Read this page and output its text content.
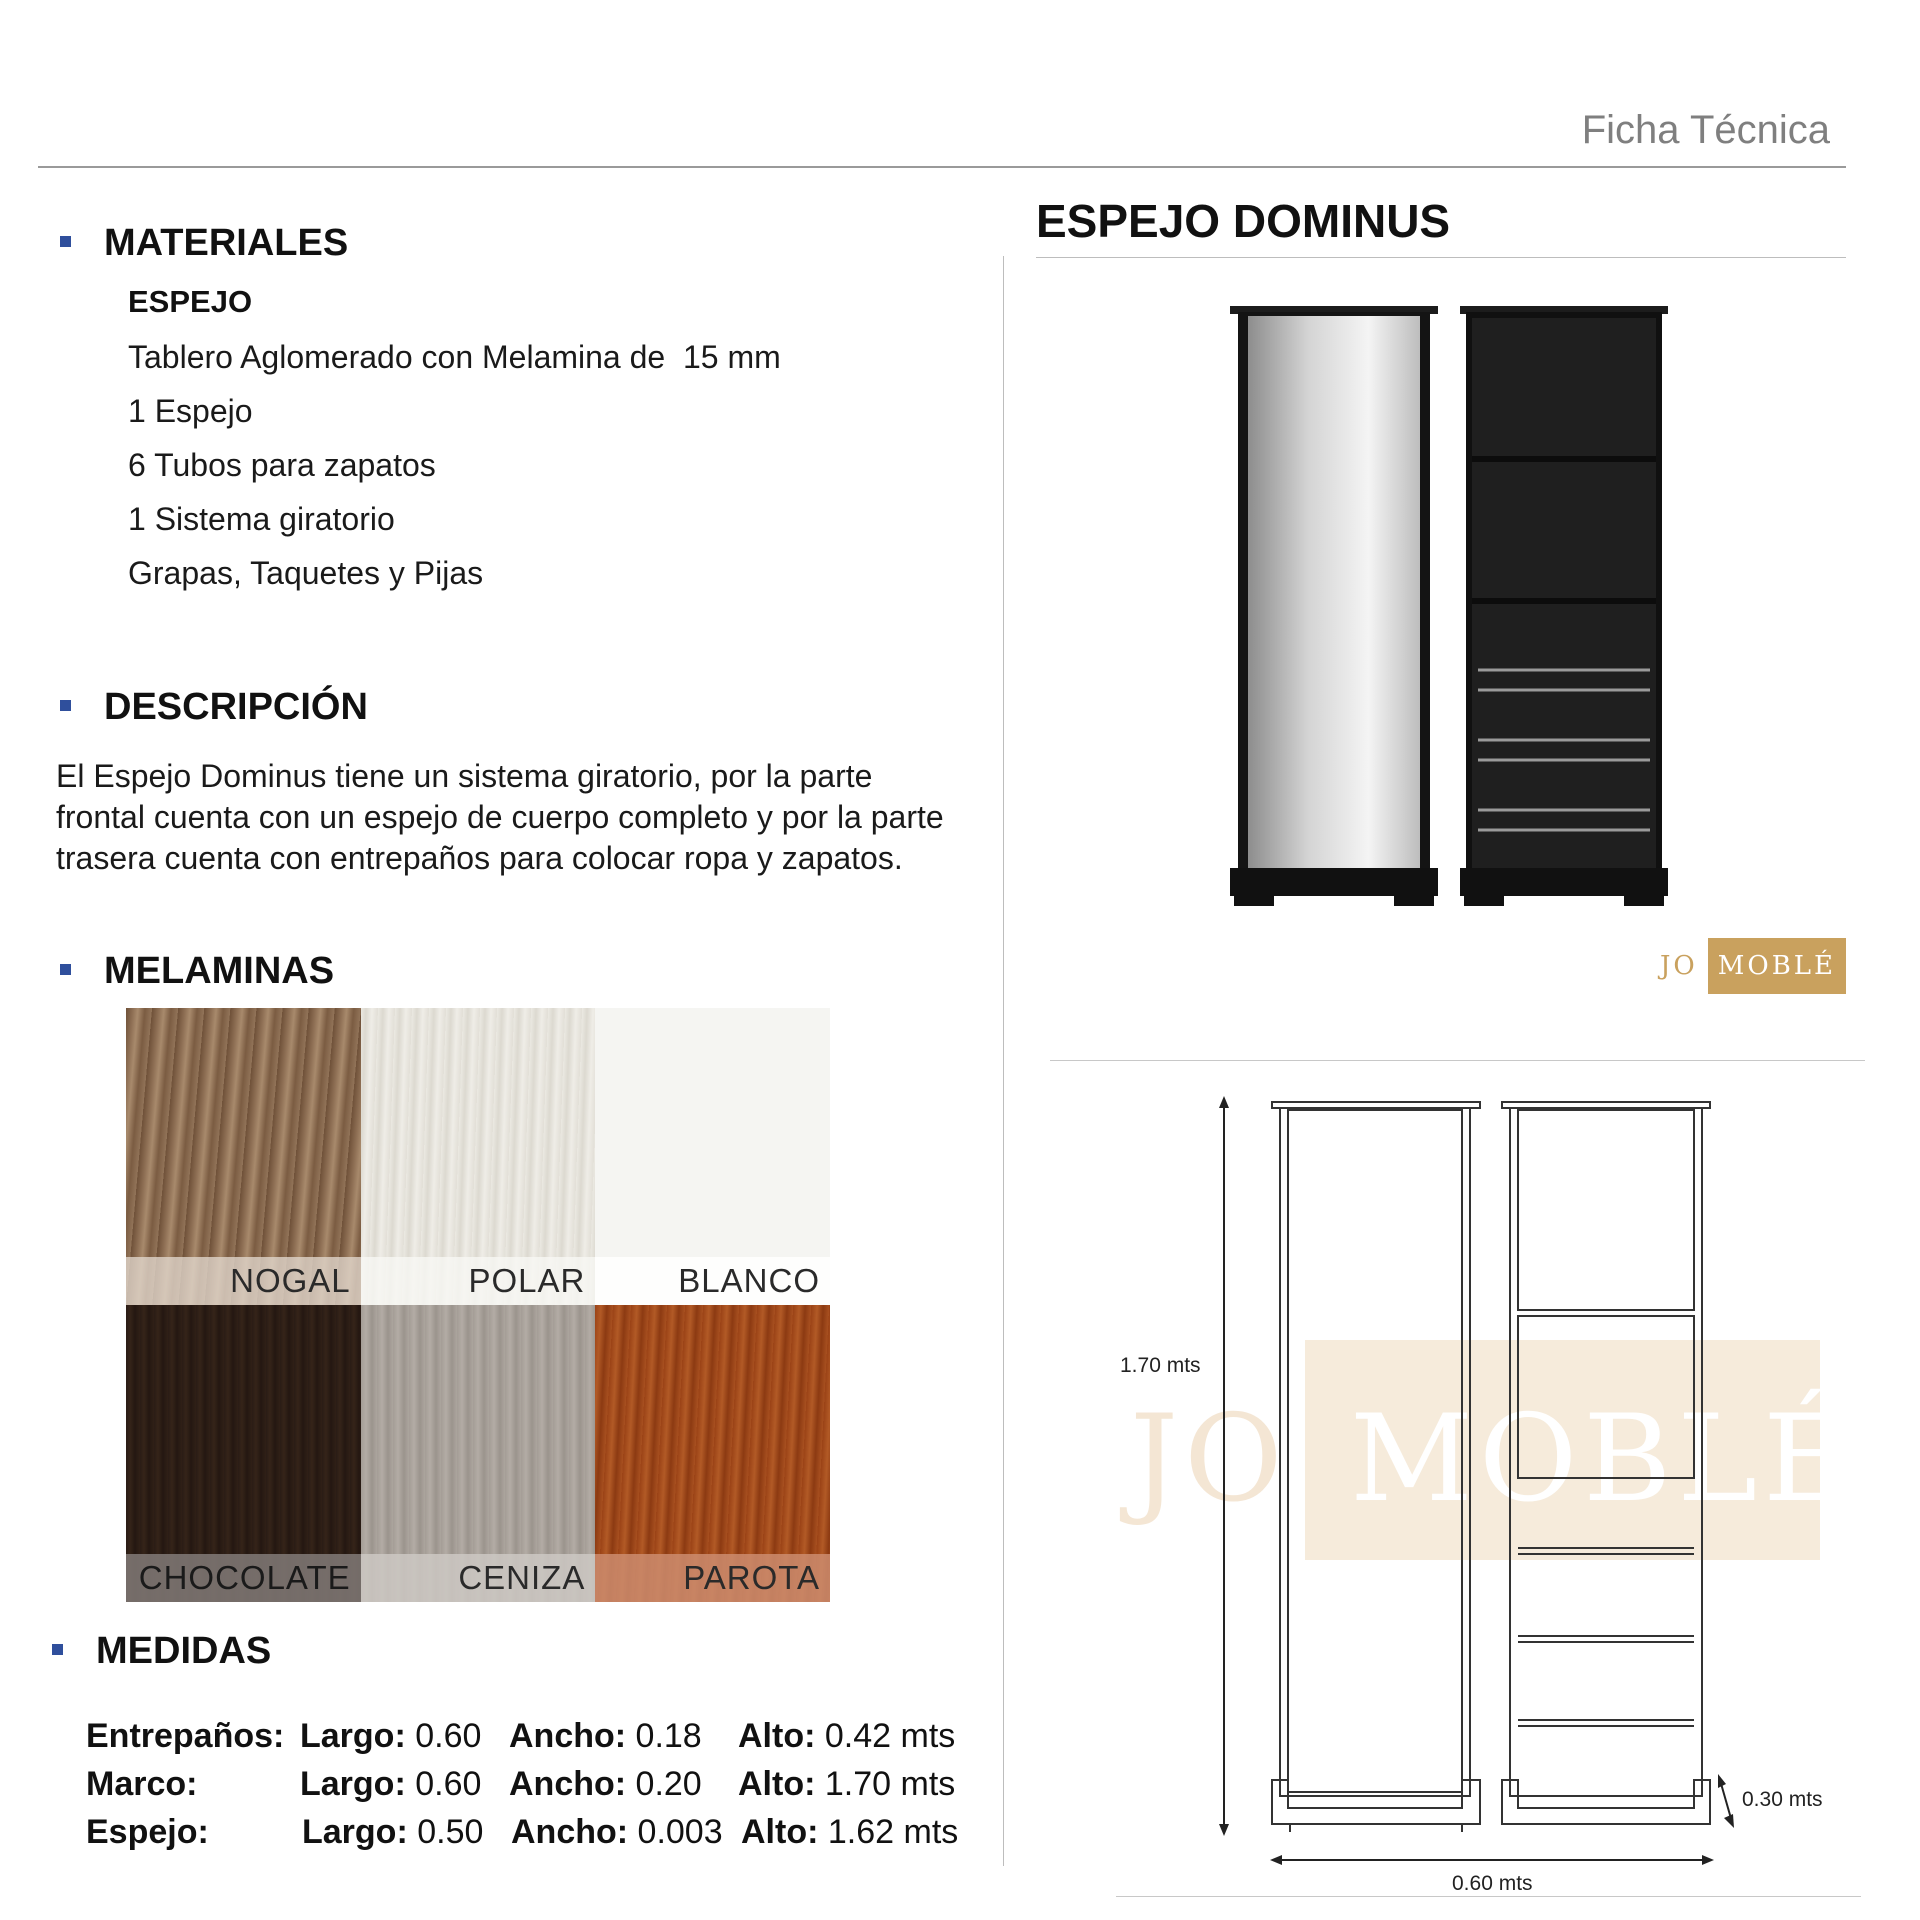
Ficha Técnica
MATERIALES
ESPEJO
Tablero Aglomerado con Melamina de  15 mm
1 Espejo
6 Tubos para zapatos
1 Sistema giratorio
Grapas, Taquetes y Pijas
DESCRIPCIÓN
El Espejo Dominus tiene un sistema giratorio, por la parte frontal cuenta con un espejo de cuerpo completo y por la parte trasera cuenta con entrepaños para colocar ropa y zapatos.
MELAMINAS
NOGAL	POLAR	BLANCO
CHOCOLATE	CENIZA	PAROTA
MEDIDAS
Entrepaños: Largo: 0.60 Ancho: 0.18 Alto: 0.42 mts
Marco:	Largo: 0.60 Ancho: 0.20 Alto: 1.70 mts
Espejo:	Largo: 0.50 Ancho: 0.003 Alto: 1.62 mts
ESPEJO DOMINUS
JO MOBLÉ
JO MOBLÉ
1.70 mts
0.60 mts
0.30 mts
